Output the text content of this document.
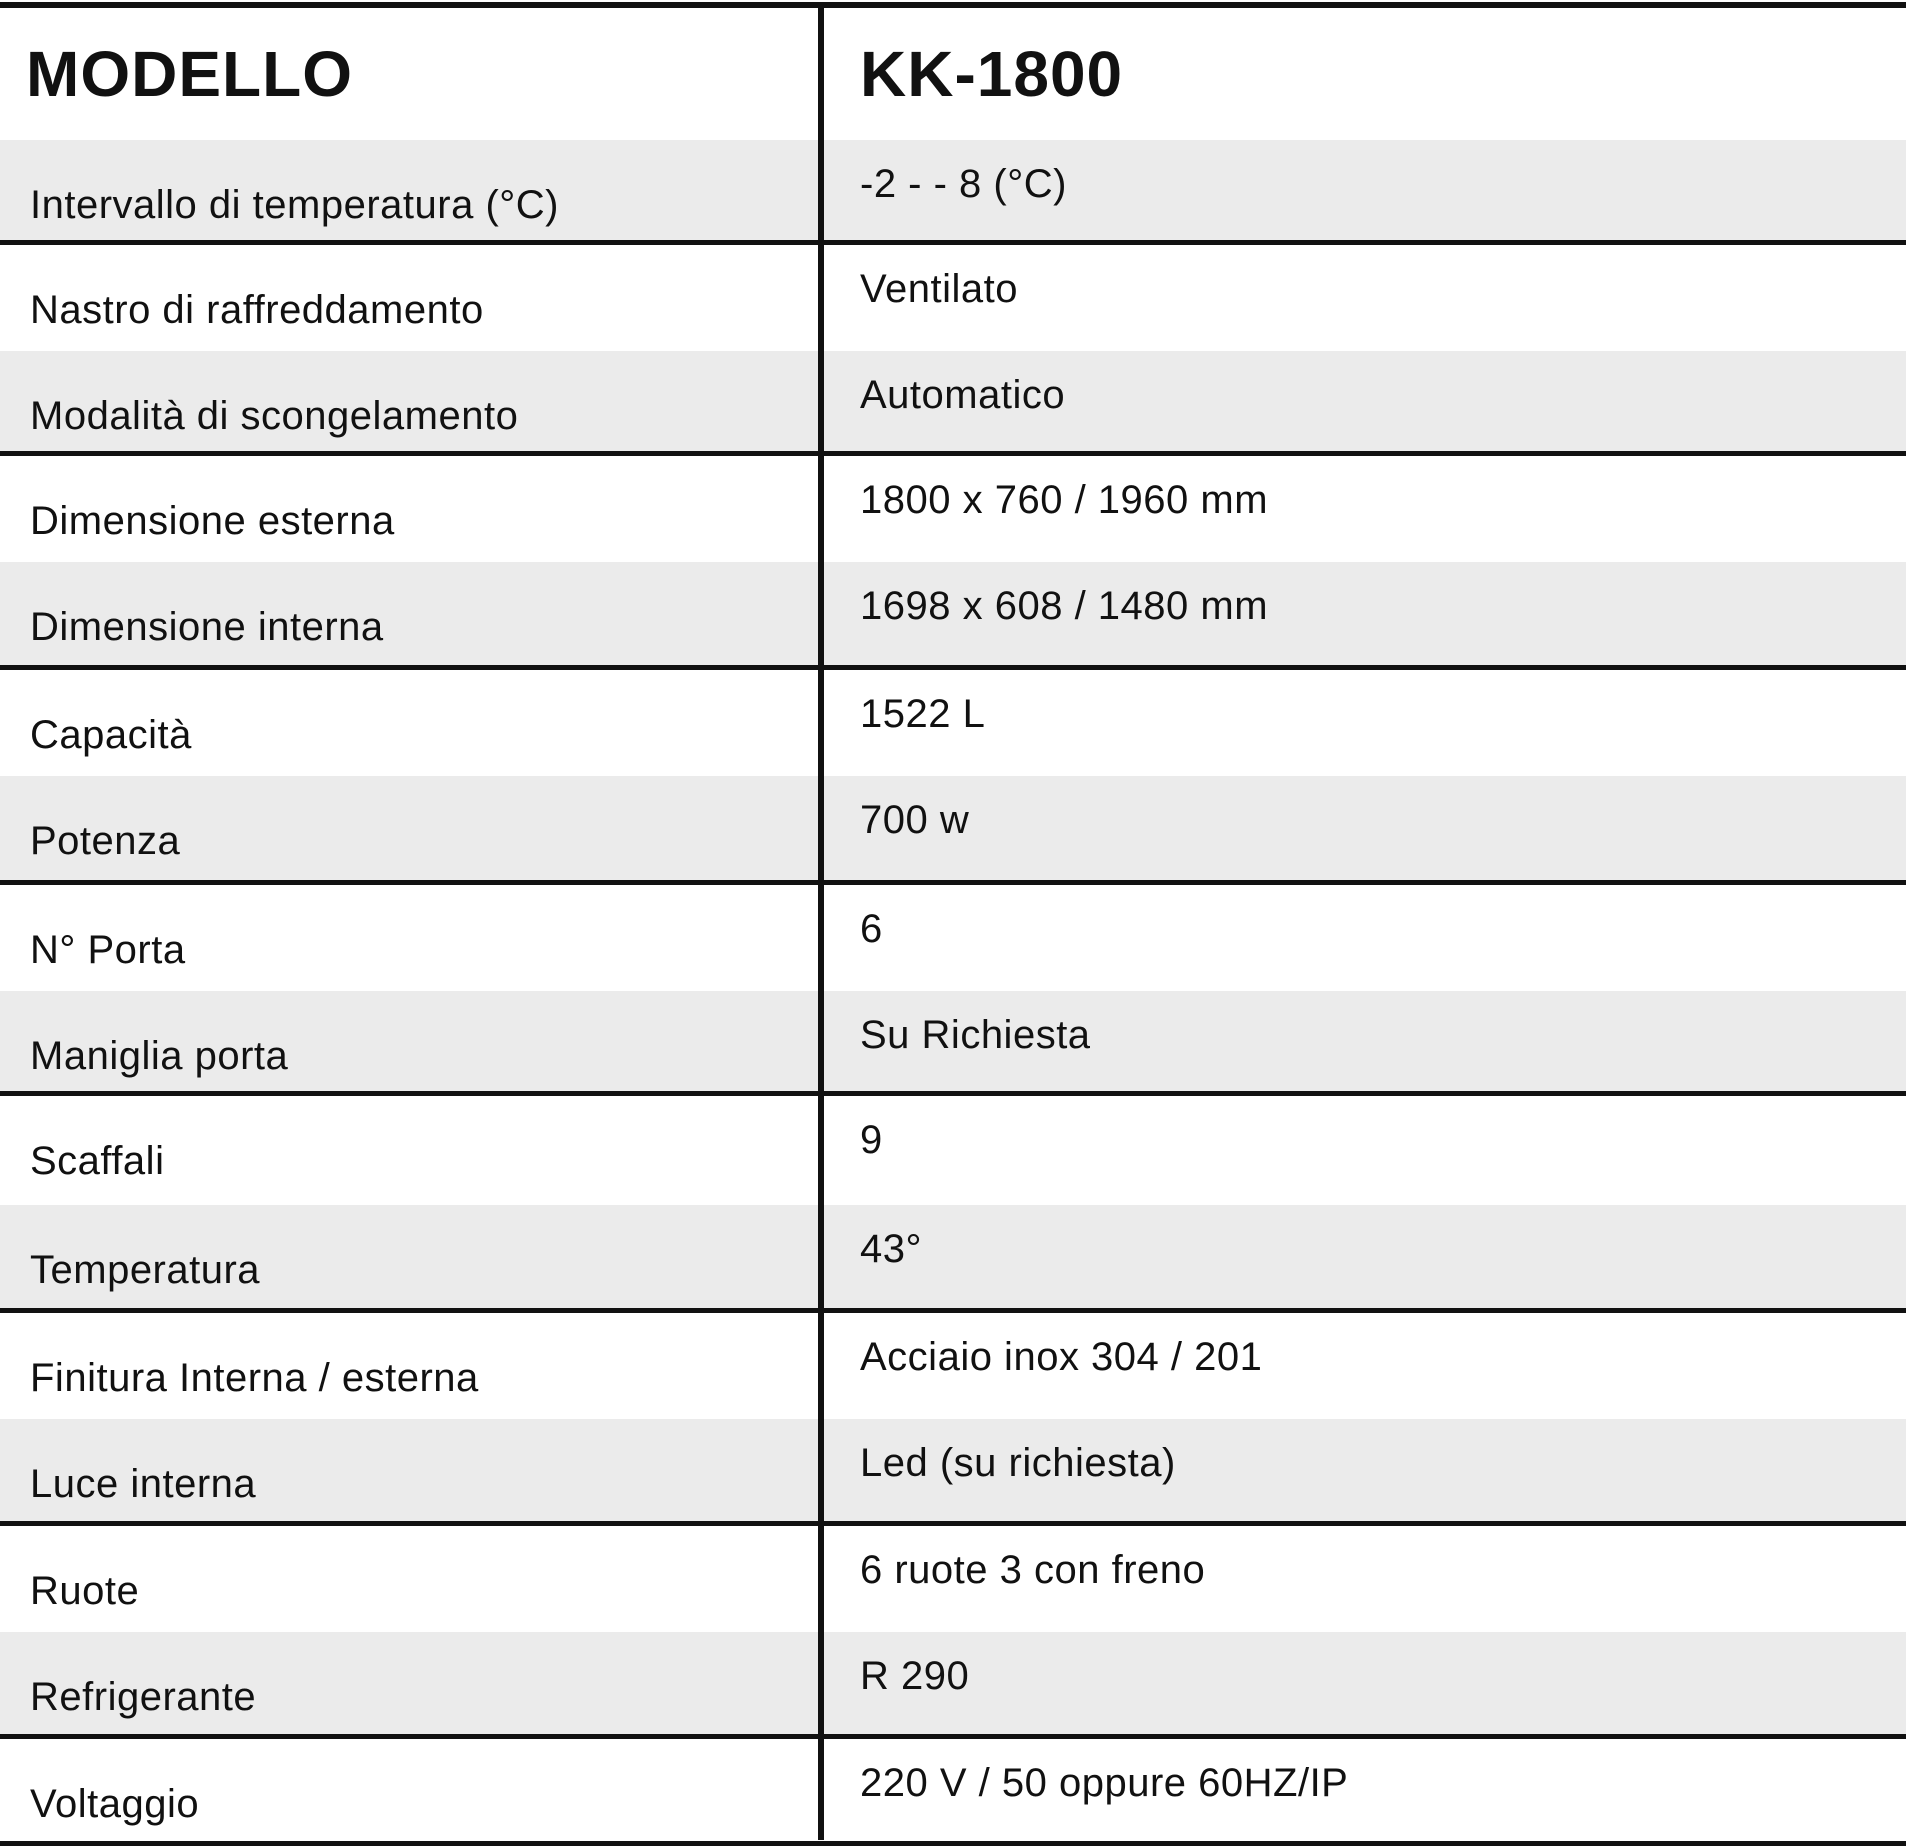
MODELLO	KK-1800
Intervallo di temperatura (°C)	-2 - - 8 (°C)
Nastro di raffreddamento	Ventilato
Modalità di scongelamento	Automatico
Dimensione esterna	1800 x 760 / 1960 mm
Dimensione interna	1698 x 608 / 1480 mm
Capacità	1522 L
Potenza	700 w
N° Porta	6
Maniglia porta	Su Richiesta
Scaffali	9
Temperatura	43°
Finitura Interna / esterna	Acciaio inox 304 / 201
Luce interna	Led (su richiesta)
Ruote	6 ruote 3 con freno
Refrigerante	R 290
Voltaggio	220 V / 50 oppure 60HZ/IP
